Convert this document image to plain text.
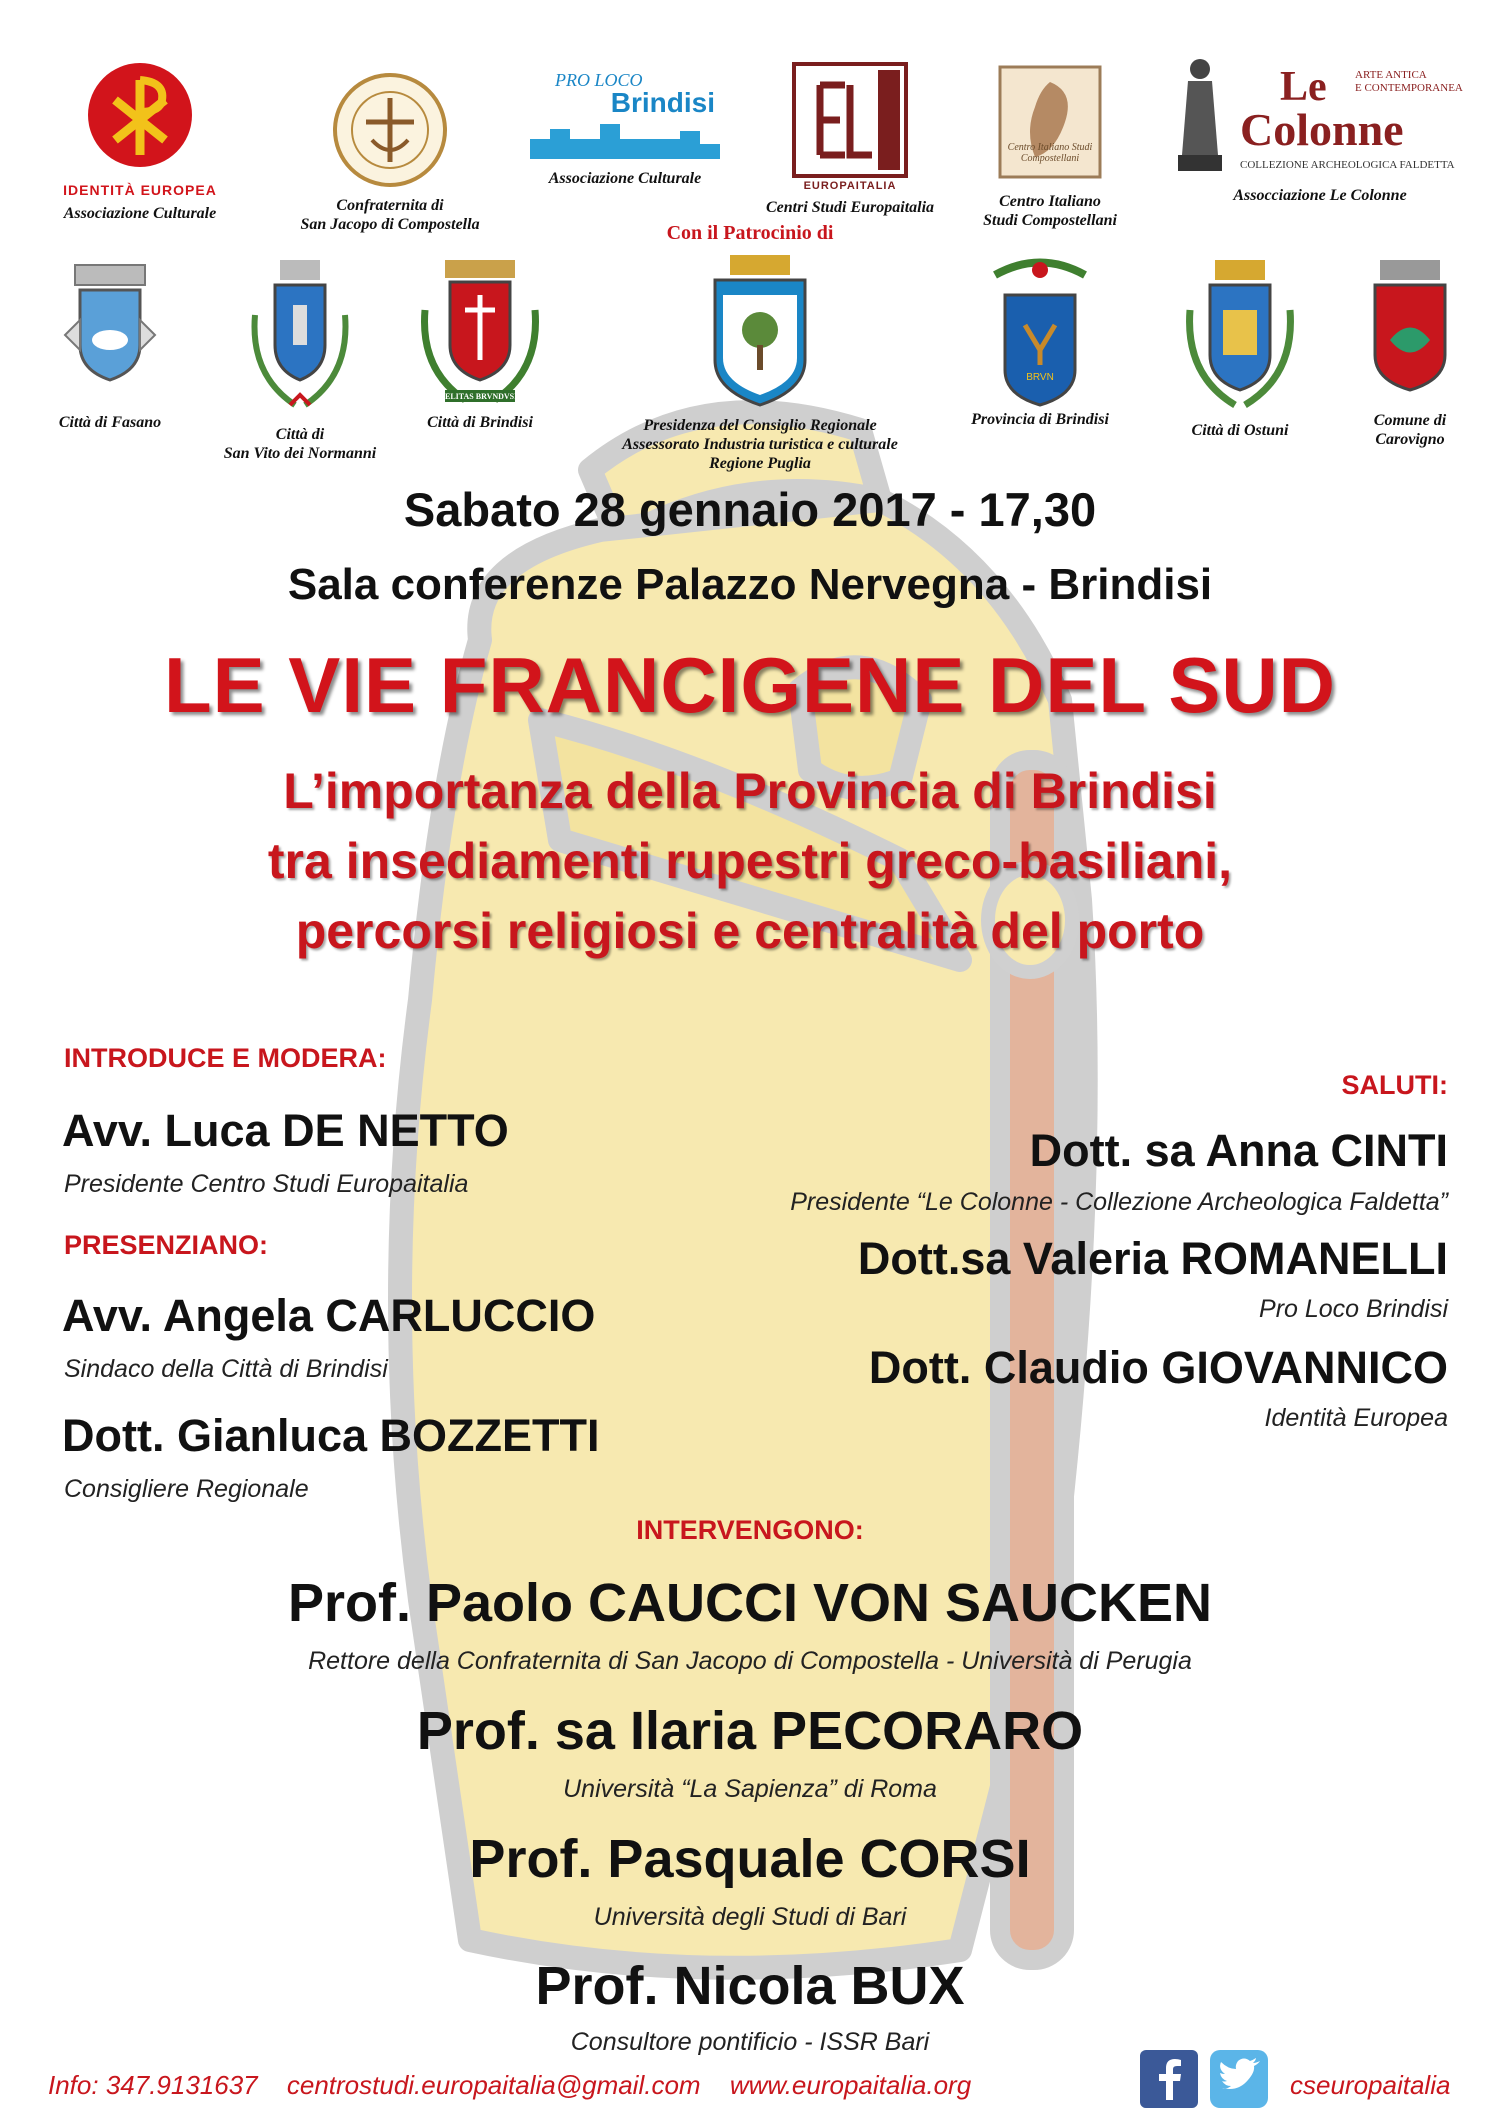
IDENTITÀ EUROPEA
Associazione Culturale	Confraternita di
San Jacopo di Compostella
PRO LOCO
Brindisi
Associazione Culturale	EUROPAITALIA
Centri Studi Europaitalia
Centro Italiano Studi Compostellani
Centro Italiano
Studi Compostellani
ARTE ANTICA
E CONTEMPORANEA
Le
Colonne
COLLEZIONE ARCHEOLOGICA FALDETTA
Assocciazione Le Colonne
Con il Patrocinio di
Città di Fasano
Città di
San Vito dei Normanni
FIDELITAS BRVNDVSINA
Città di Brindisi	Presidenza del Consiglio Regionale
Assessorato Industria turistica e culturale
Regione Puglia
BRVN
Provincia di Brindisi
Città di Ostuni
Comune di
Carovigno
Sabato 28 gennaio 2017 - 17,30
Sala conferenze Palazzo Nervegna - Brindisi
LE VIE FRANCIGENE DEL SUD
L’importanza della Provincia di Brindisi
tra insediamenti rupestri greco-basiliani,
percorsi religiosi e centralità del porto
INTRODUCE E MODERA:
Avv. Luca DE NETTO
Presidente Centro Studi Europaitalia
PRESENZIANO:
Avv. Angela CARLUCCIO
Sindaco della Città di Brindisi
Dott. Gianluca BOZZETTI
Consigliere Regionale
SALUTI:
Dott. sa Anna CINTI
Presidente “Le Colonne - Collezione Archeologica Faldetta”
Dott.sa Valeria ROMANELLI
Pro Loco Brindisi
Dott. Claudio GIOVANNICO
Identità Europea
INTERVENGONO:
Prof. Paolo CAUCCI VON SAUCKEN
Rettore della Confraternita di San Jacopo di Compostella - Università di Perugia
Prof. sa Ilaria PECORARO
Università “La Sapienza” di Roma
Prof. Pasquale CORSI
Università degli Studi di Bari
Prof. Nicola BUX
Consultore pontificio - ISSR Bari
Info: 347.9131637 centrostudi.europaitalia@gmail.com www.europaitalia.org	cseuropaitalia
